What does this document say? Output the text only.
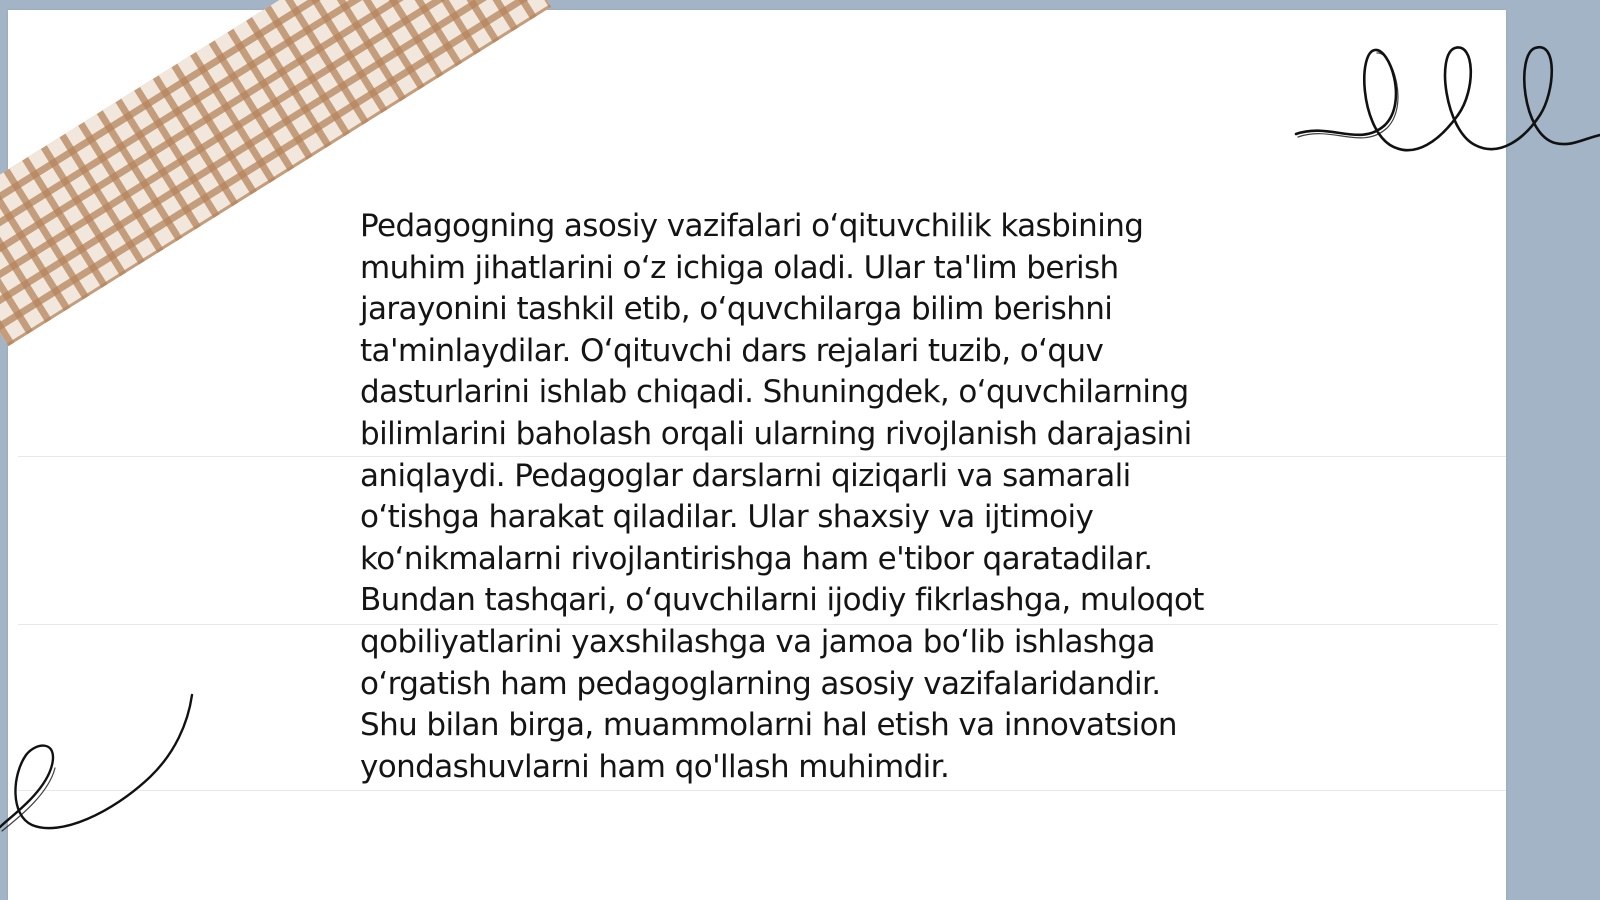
Pedagogning asosiy vazifalari oʻqituvchilik kasbining muhim jihatlarini oʻz ichiga oladi. Ular ta'lim berish jarayonini tashkil etib, oʻquvchilarga bilim berishni ta'minlaydilar. Oʻqituvchi dars rejalari tuzib, oʻquv dasturlarini ishlab chiqadi. Shuningdek, oʻquvchilarning bilimlarini baholash orqali ularning rivojlanish darajasini aniqlaydi. Pedagoglar darslarni qiziqarli va samarali oʻtishga harakat qiladilar. Ular shaxsiy va ijtimoiy koʻnikmalarni rivojlantirishga ham e'tibor qaratadilar. Bundan tashqari, oʻquvchilarni ijodiy fikrlashga, muloqot qobiliyatlarini yaxshilashga va jamoa boʻlib ishlashga oʻrgatish ham pedagoglarning asosiy vazifalaridandir. Shu bilan birga, muammolarni hal etish va innovatsion yondashuvlarni ham qo'llash muhimdir.
